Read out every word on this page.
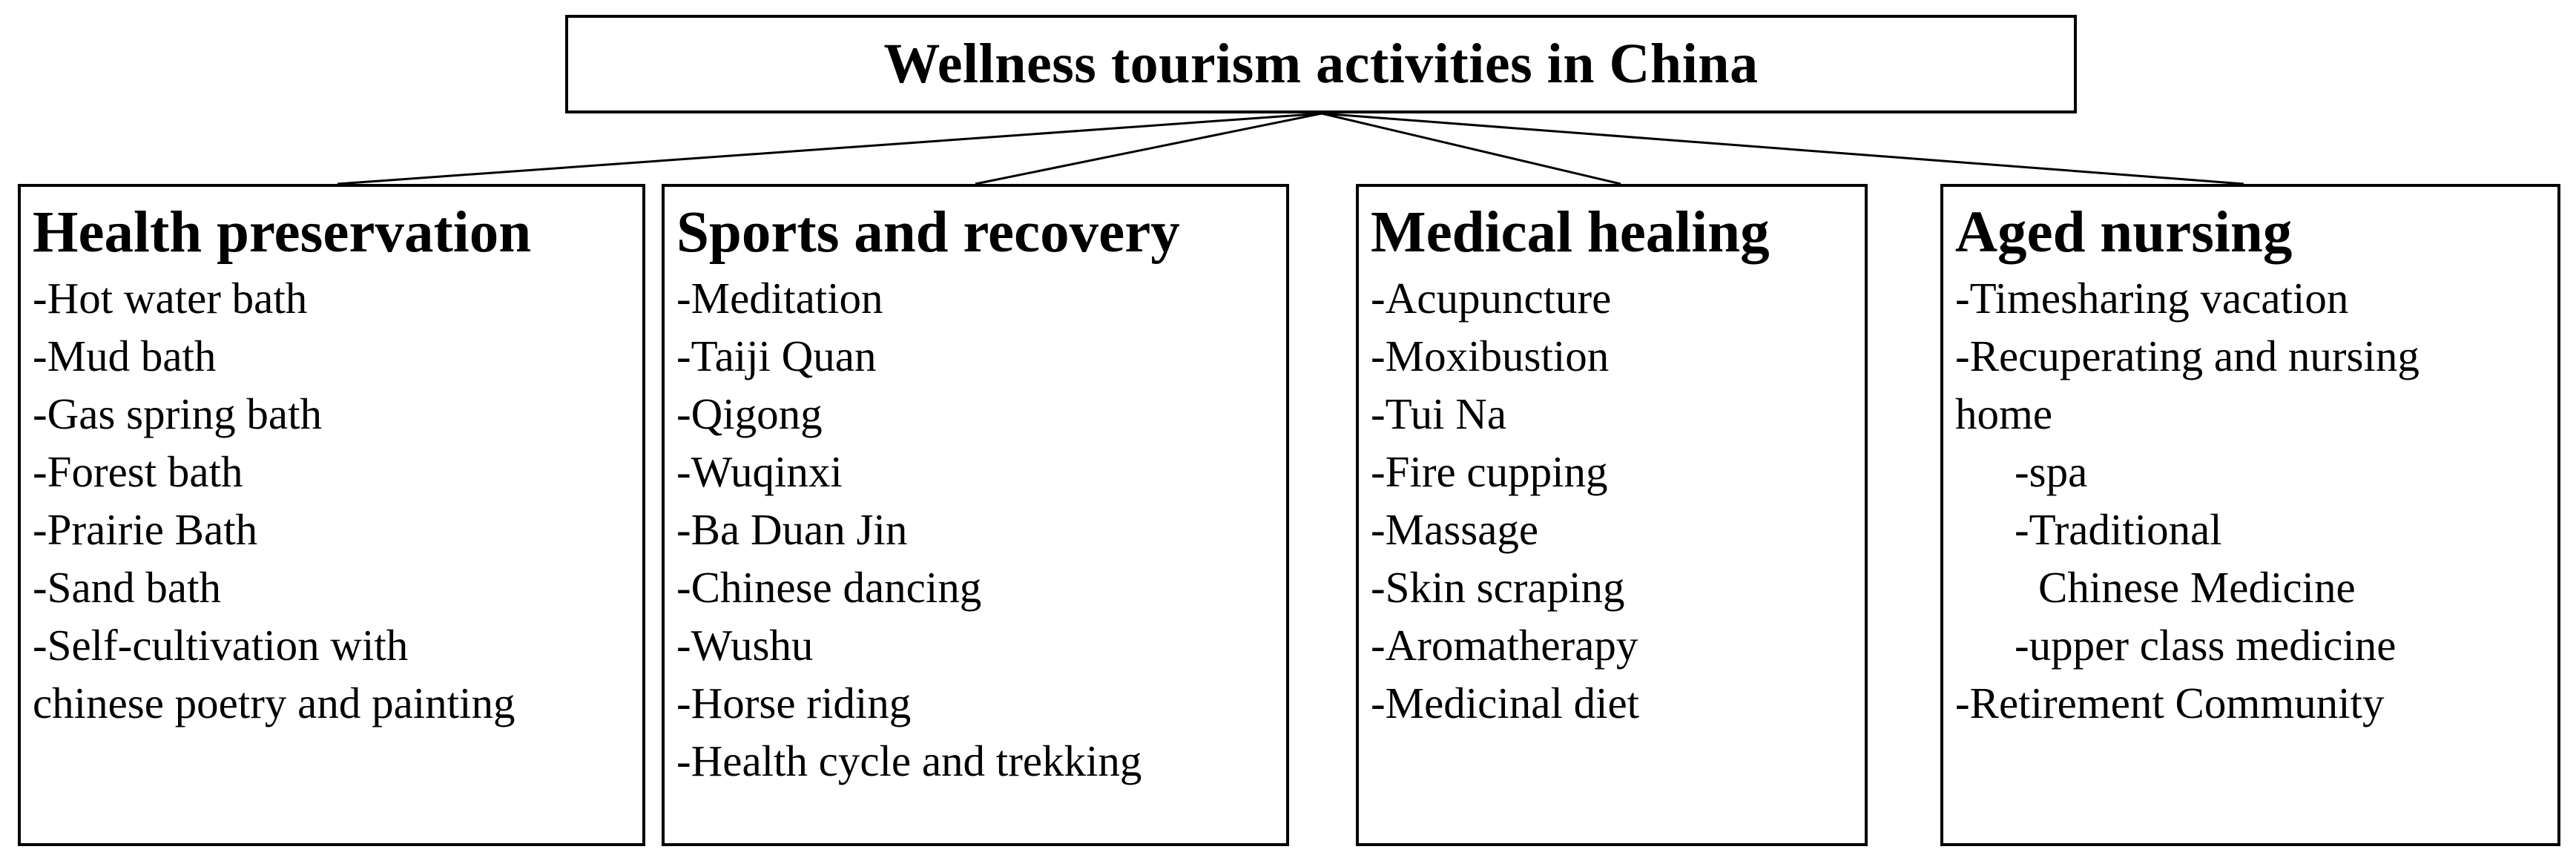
Wellness tourism activities in China
Health preservation
-Hot water bath
-Mud bath
-Gas spring bath
-Forest bath
-Prairie Bath
-Sand bath
-Self-cultivation with
chinese poetry and painting
Sports and recovery
-Meditation
-Taiji Quan
-Qigong
-Wuqinxi
-Ba Duan Jin
-Chinese dancing
-Wushu
-Horse riding
-Health cycle and trekking
Medical healing
-Acupuncture
-Moxibustion
-Tui Na
-Fire cupping
-Massage
-Skin scraping
-Aromatherapy
-Medicinal diet
Aged nursing
-Timesharing vacation
-Recuperating and nursing
home
-spa
-Traditional
Chinese Medicine
-upper class medicine
-Retirement Community
